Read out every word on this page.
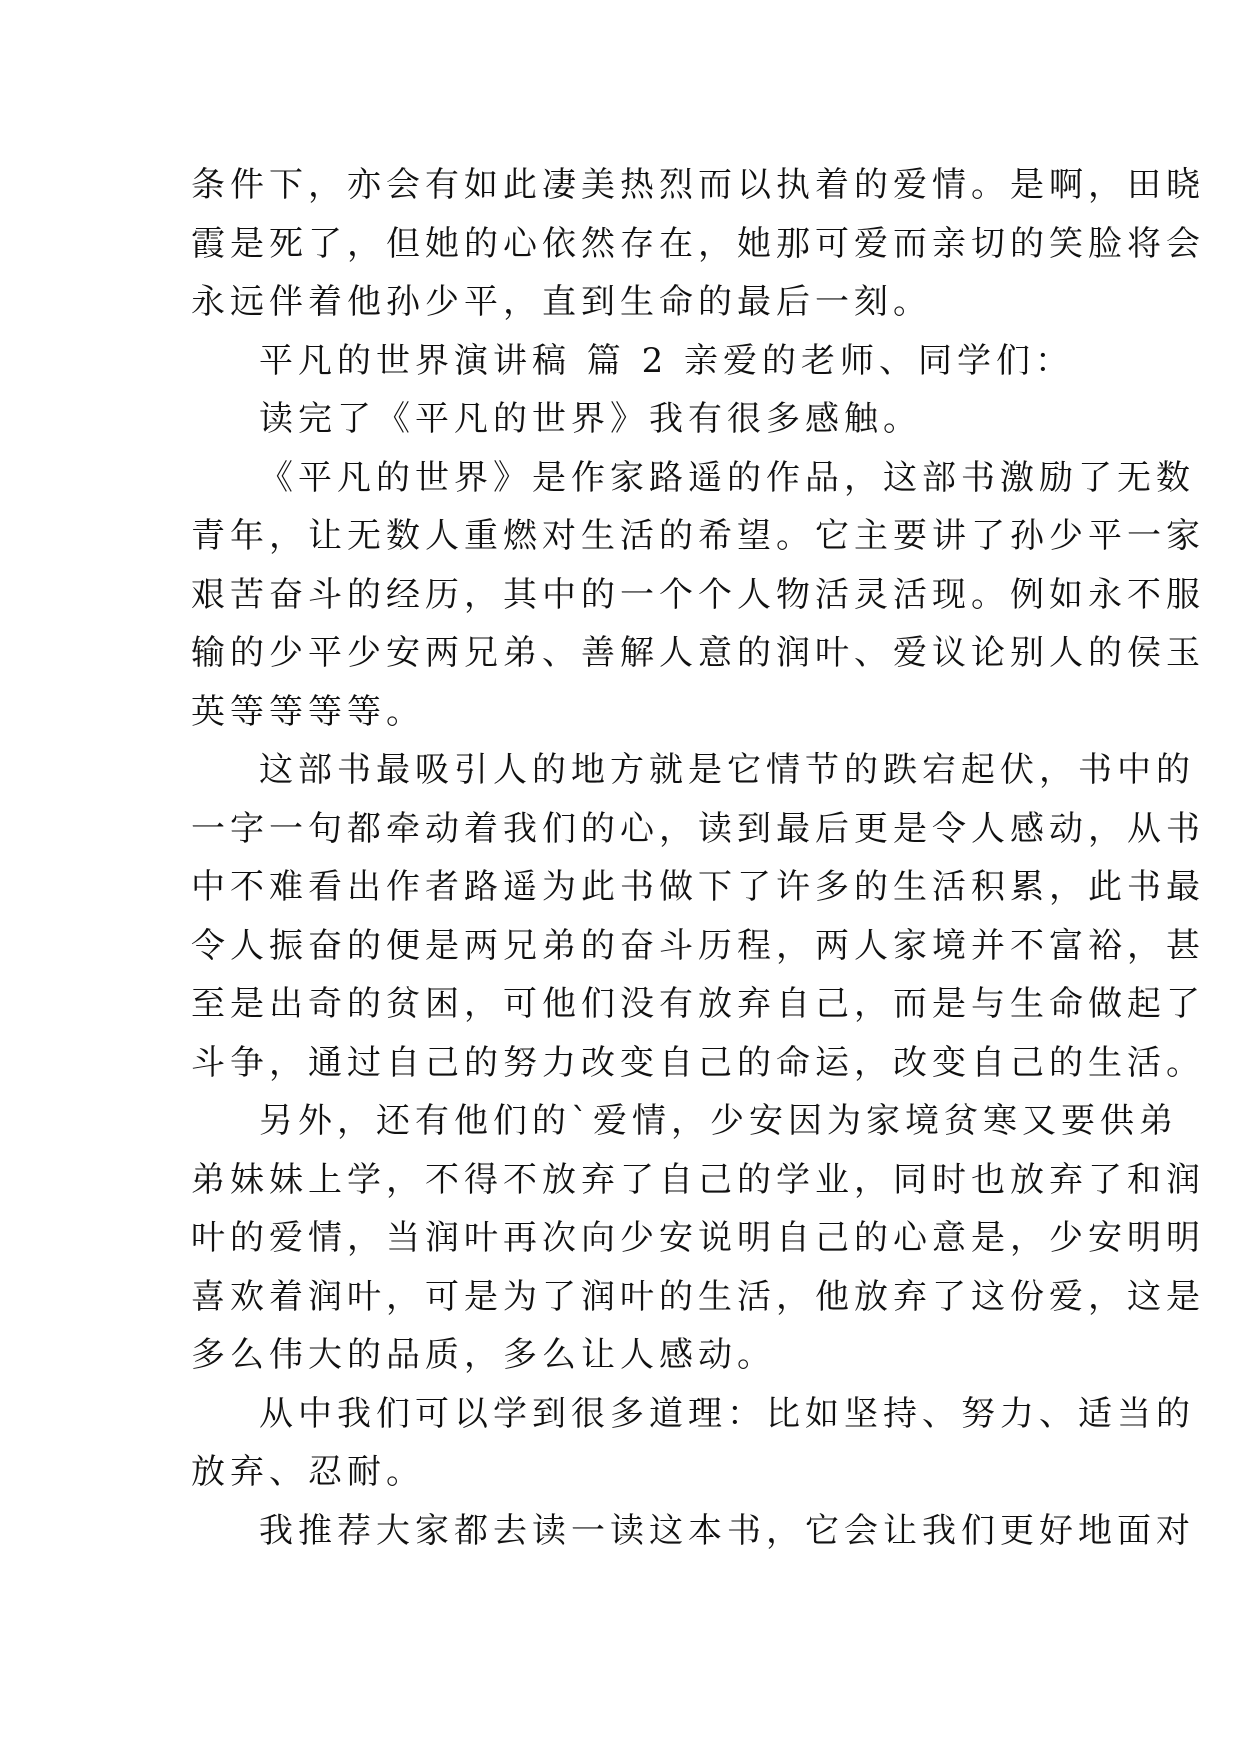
条件下，亦会有如此凄美热烈而以执着的爱情。是啊，田晓
霞是死了，但她的心依然存在，她那可爱而亲切的笑脸将会
永远伴着他孙少平，直到生命的最后一刻。
平凡的世界演讲稿 篇 2 亲爱的老师、同学们：
读完了《平凡的世界》我有很多感触。
《平凡的世界》是作家路遥的作品，这部书激励了无数
青年，让无数人重燃对生活的希望。它主要讲了孙少平一家
艰苦奋斗的经历，其中的一个个人物活灵活现。例如永不服
输的少平少安两兄弟、善解人意的润叶、爱议论别人的侯玉
英等等等等。
这部书最吸引人的地方就是它情节的跌宕起伏，书中的
一字一句都牵动着我们的心，读到最后更是令人感动，从书
中不难看出作者路遥为此书做下了许多的生活积累，此书最
令人振奋的便是两兄弟的奋斗历程，两人家境并不富裕，甚
至是出奇的贫困，可他们没有放弃自己，而是与生命做起了
斗争，通过自己的努力改变自己的命运，改变自己的生活。
另外，还有他们的`爱情，少安因为家境贫寒又要供弟
弟妹妹上学，不得不放弃了自己的学业，同时也放弃了和润
叶的爱情，当润叶再次向少安说明自己的心意是，少安明明
喜欢着润叶，可是为了润叶的生活，他放弃了这份爱，这是
多么伟大的品质，多么让人感动。
从中我们可以学到很多道理：比如坚持、努力、适当的
放弃、忍耐。
我推荐大家都去读一读这本书，它会让我们更好地面对
